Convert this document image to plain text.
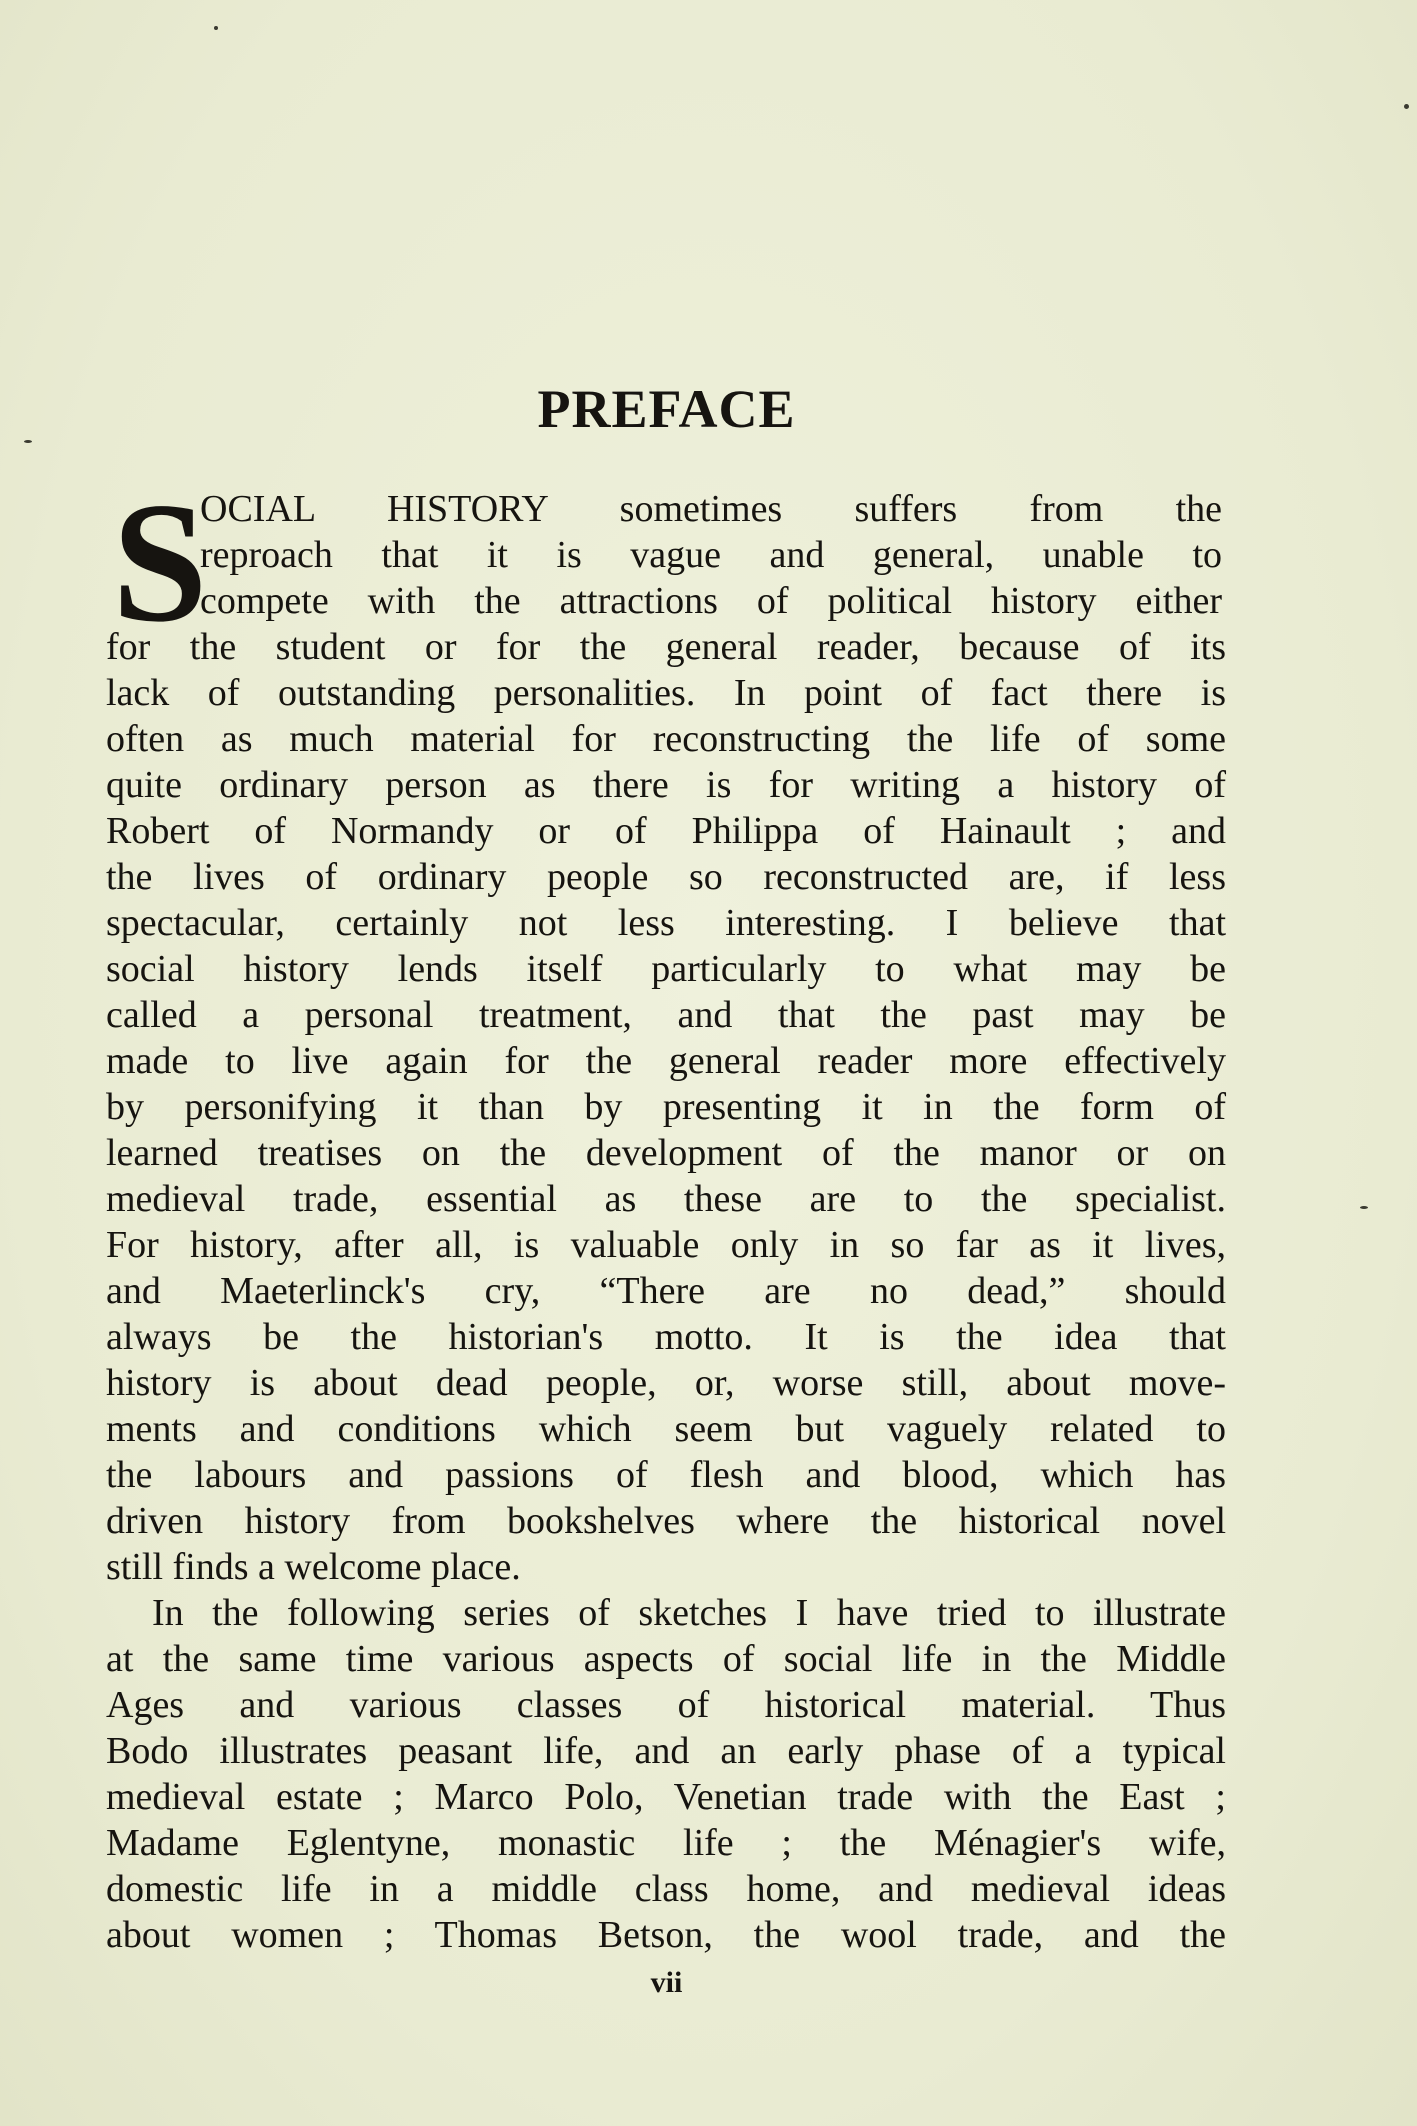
PREFACE
S
OCIAL HISTORY sometimes suffers from the
reproach that it is vague and general, unable to
compete with the attractions of political history either
for the student or for the general reader, because of its
lack of outstanding personalities. In point of fact there is
often as much material for reconstructing the life of some
quite ordinary person as there is for writing a history of
Robert of Normandy or of Philippa of Hainault ; and
the lives of ordinary people so reconstructed are, if less
spectacular, certainly not less interesting. I believe that
social history lends itself particularly to what may be
called a personal treatment, and that the past may be
made to live again for the general reader more effectively
by personifying it than by presenting it in the form of
learned treatises on the development of the manor or on
medieval trade, essential as these are to the specialist.
For history, after all, is valuable only in so far as it lives,
and Maeterlinck's cry, “There are no dead,” should
always be the historian's motto. It is the idea that
history is about dead people, or, worse still, about move-
ments and conditions which seem but vaguely related to
the labours and passions of flesh and blood, which has
driven history from bookshelves where the historical novel
still finds a welcome place.
In the following series of sketches I have tried to illustrate
at the same time various aspects of social life in the Middle
Ages and various classes of historical material. Thus
Bodo illustrates peasant life, and an early phase of a typical
medieval estate ; Marco Polo, Venetian trade with the East ;
Madame Eglentyne, monastic life ; the Ménagier's wife,
domestic life in a middle class home, and medieval ideas
about women ; Thomas Betson, the wool trade, and the
vii
